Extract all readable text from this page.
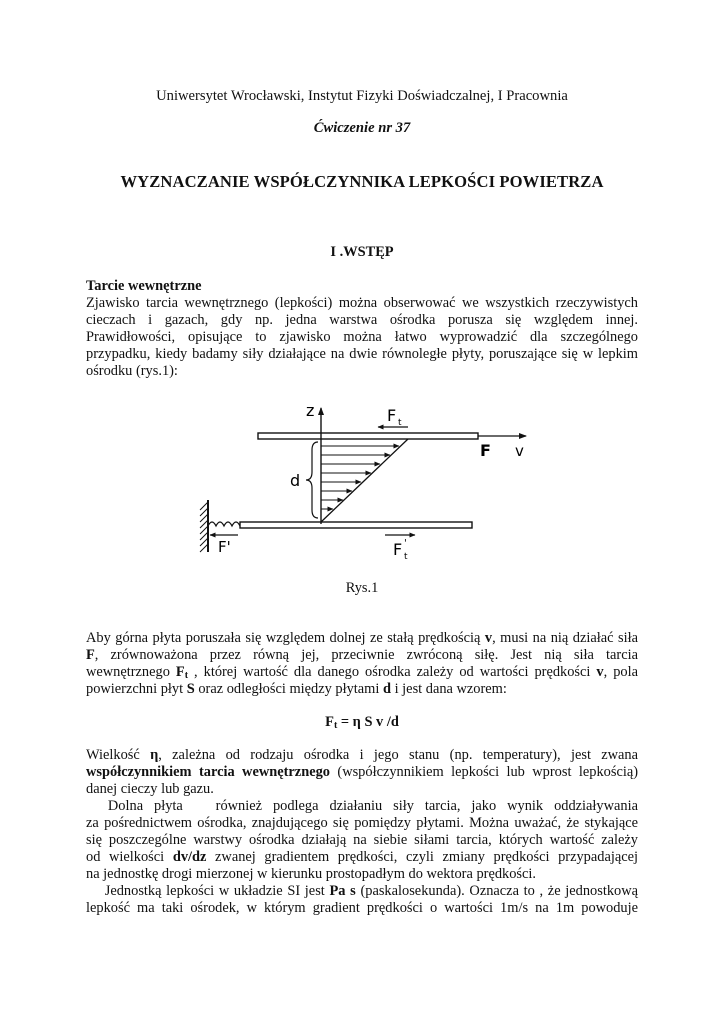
Uniwersytet Wrocławski, Instytut Fizyki Doświadczalnej, I Pracownia
Ćwiczenie nr 37
WYZNACZANIE WSPÓŁCZYNNIKA LEPKOŚCI POWIETRZA
I .WSTĘP
Tarcie wewnętrzne
Zjawisko tarcia wewnętrznego (lepkości) można obserwować we wszystkich rzeczywistych
cieczach i gazach, gdy np. jedna warstwa ośrodka porusza się względem innej.
Prawidłowości, opisujące to zjawisko można łatwo wyprowadzić dla szczególnego
przypadku, kiedy badamy siły działające na dwie równoległe płyty, poruszające się w lepkim
ośrodku (rys.1):
z
d
F t
F v
F'	F '
t
Rys.1
Aby górna płyta poruszała się względem dolnej ze stałą prędkością v, musi na nią działać siła
F, zrównoważona przez równą jej, przeciwnie zwróconą siłę. Jest nią siła tarcia
wewnętrznego $F_t$ , której wartość dla danego ośrodka zależy od wartości prędkości v, pola
powierzchni płyt S oraz odległości między płytami d i jest dana wzorem:
$F_t = \eta$ S v /d
Wielkość η, zależna od rodzaju ośrodka i jego stanu (np. temperatury), jest zwana
współczynnikiem tarcia wewnętrznego (współczynnikiem lepkości lub wprost lepkością)
danej cieczy lub gazu.
Dolna płyta   również podlega działaniu siły tarcia, jako wynik oddziaływania
za pośrednictwem ośrodka, znajdującego się pomiędzy płytami. Można uważać, że stykające
się poszczególne warstwy ośrodka działają na siebie siłami tarcia, których wartość zależy
od wielkości dv/dz zwanej gradientem prędkości, czyli zmiany prędkości przypadającej
na jednostkę drogi mierzonej w kierunku prostopadłym do wektora prędkości.
Jednostką lepkości w układzie SI jest Pa s (paskalosekunda). Oznacza to , że jednostkową
lepkość ma taki ośrodek, w którym gradient prędkości o wartości 1m/s na 1m powoduje
